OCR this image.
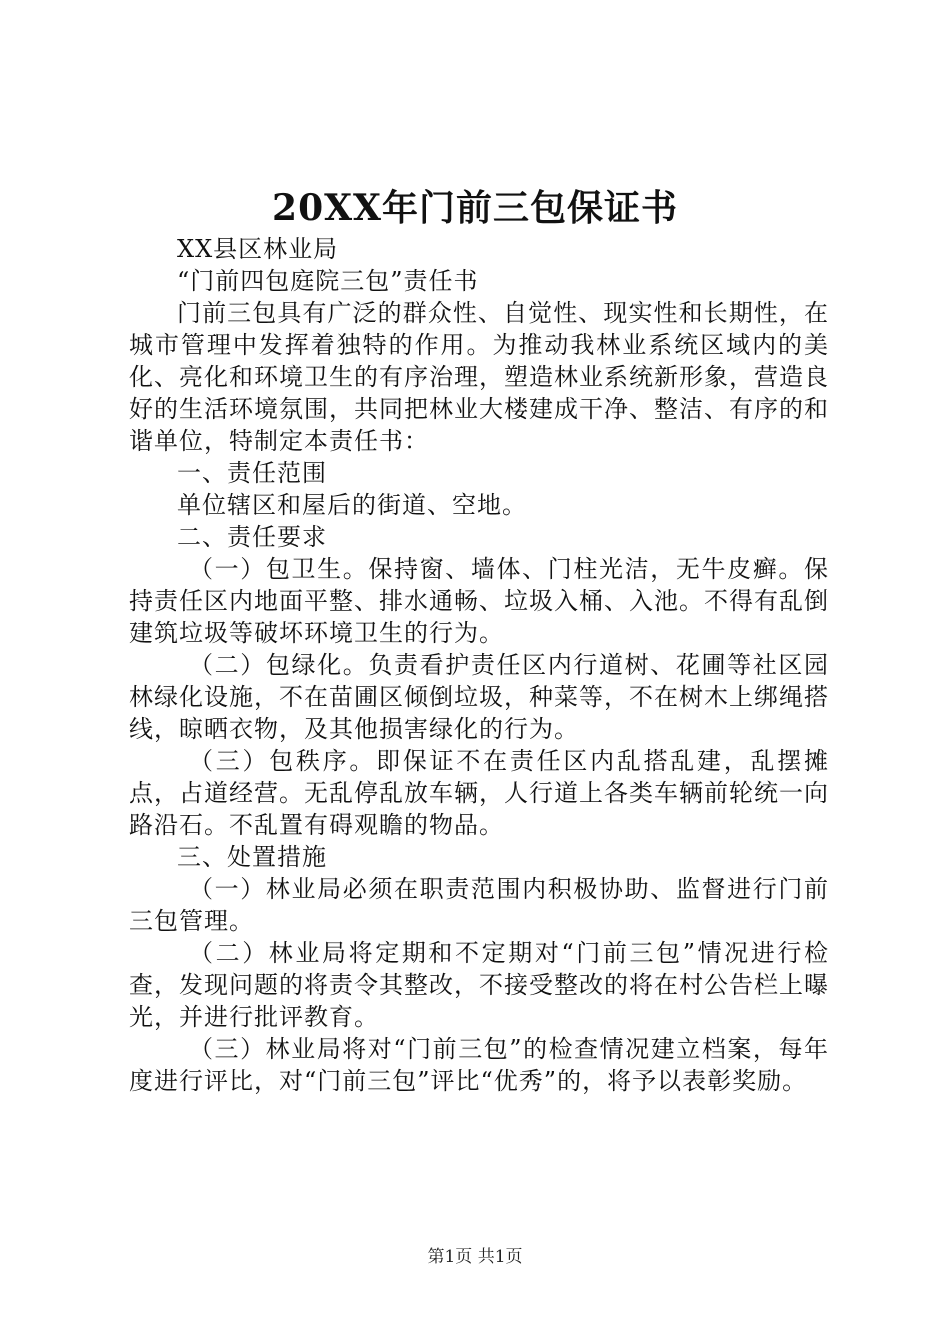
20XX年门前三包保证书

XX县区林业局

“门前四包庭院三包”责任书

门前三包具有广泛的群众性、自觉性、现实性和长期性，在城市管理中发挥着独特的作用。为推动我林业系统区域内的美化、亮化和环境卫生的有序治理，塑造林业系统新形象，营造良好的生活环境氛围，共同把林业大楼建成干净、整洁、有序的和谐单位，特制定本责任书：

一、责任范围

单位辖区和屋后的街道、空地。

二、责任要求

（一）包卫生。保持窗、墙体、门柱光洁，无牛皮癣。保持责任区内地面平整、排水通畅、垃圾入桶、入池。不得有乱倒建筑垃圾等破坏环境卫生的行为。

（二）包绿化。负责看护责任区内行道树、花圃等社区园林绿化设施，不在苗圃区倾倒垃圾，种菜等，不在树木上绑绳搭线，晾晒衣物，及其他损害绿化的行为。

（三）包秩序。即保证不在责任区内乱搭乱建，乱摆摊点，占道经营。无乱停乱放车辆，人行道上各类车辆前轮统一向路沿石。不乱置有碍观瞻的物品。

三、处置措施

（一）林业局必须在职责范围内积极协助、监督进行门前三包管理。

（二）林业局将定期和不定期对“门前三包”情况进行检查，发现问题的将责令其整改，不接受整改的将在村公告栏上曝光，并进行批评教育。

（三）林业局将对“门前三包”的检查情况建立档案，每年度进行评比，对“门前三包”评比“优秀”的，将予以表彰奖励。

第1页 共1页
